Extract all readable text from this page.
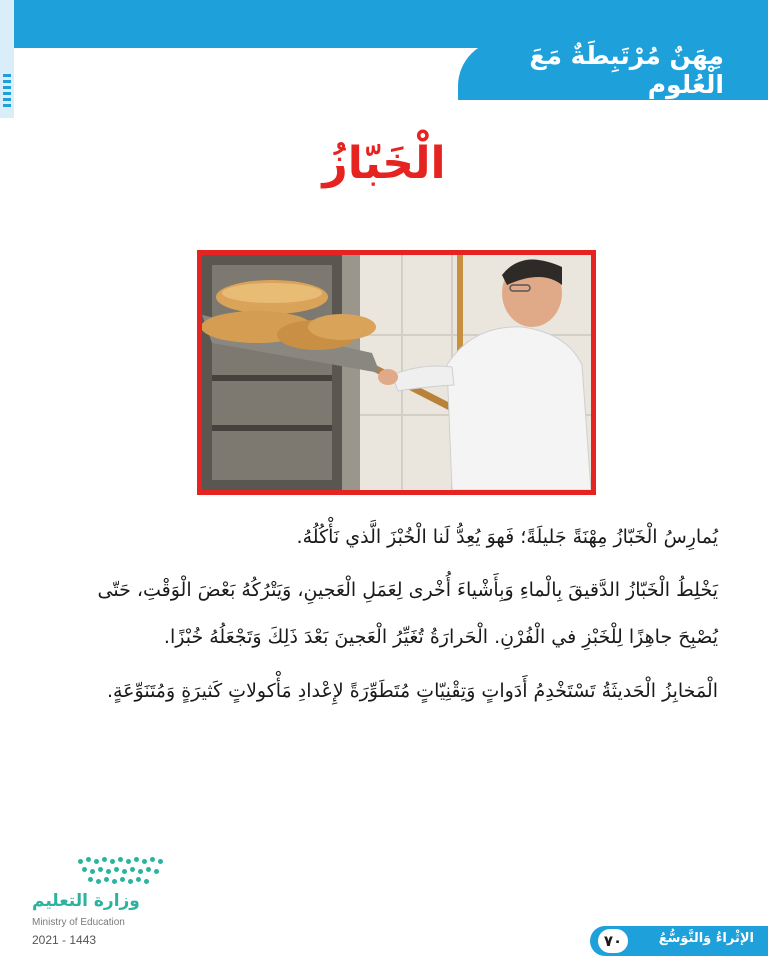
مِهَنٌ مُرْتَبِطَةٌ مَعَ الْعُلومِ
الْخَبّازُ
يُمارِسُ الْخَبّازُ مِهْنَةً جَليلَةً؛ فَهوَ يُعِدُّ لَنا الْخُبْزَ الَّذي نَأْكُلُهُ.
يَخْلِطُ الْخَبّازُ الدَّقيقَ بِالْماءِ وَبِأَشْياءَ أُخْرى لِعَمَلِ الْعَجينِ، وَيَتْرُكُهُ بَعْضَ الْوَقْتِ، حَتّى
يُصْبِحَ جاهِزًا لِلْخَبْزِ في الْفُرْنِ. الْحَرارَةُ تُغَيِّرُ الْعَجينَ بَعْدَ ذَلِكَ وَتَجْعَلُهُ خُبْزًا.
الْمَخابِزُ الْحَديثَةُ تَسْتَخْدِمُ أَدَواتٍ وَتِقْنِيّاتٍ مُتَطَوِّرَةً لإِعْدادِ مَأْكولاتٍ كَثيرَةٍ وَمُتَنَوِّعَةٍ.
وزارة التعليم
Ministry of Education
2021 - 1443	الإثْراءُ وَالتَّوَسُّعُ
٧٠
